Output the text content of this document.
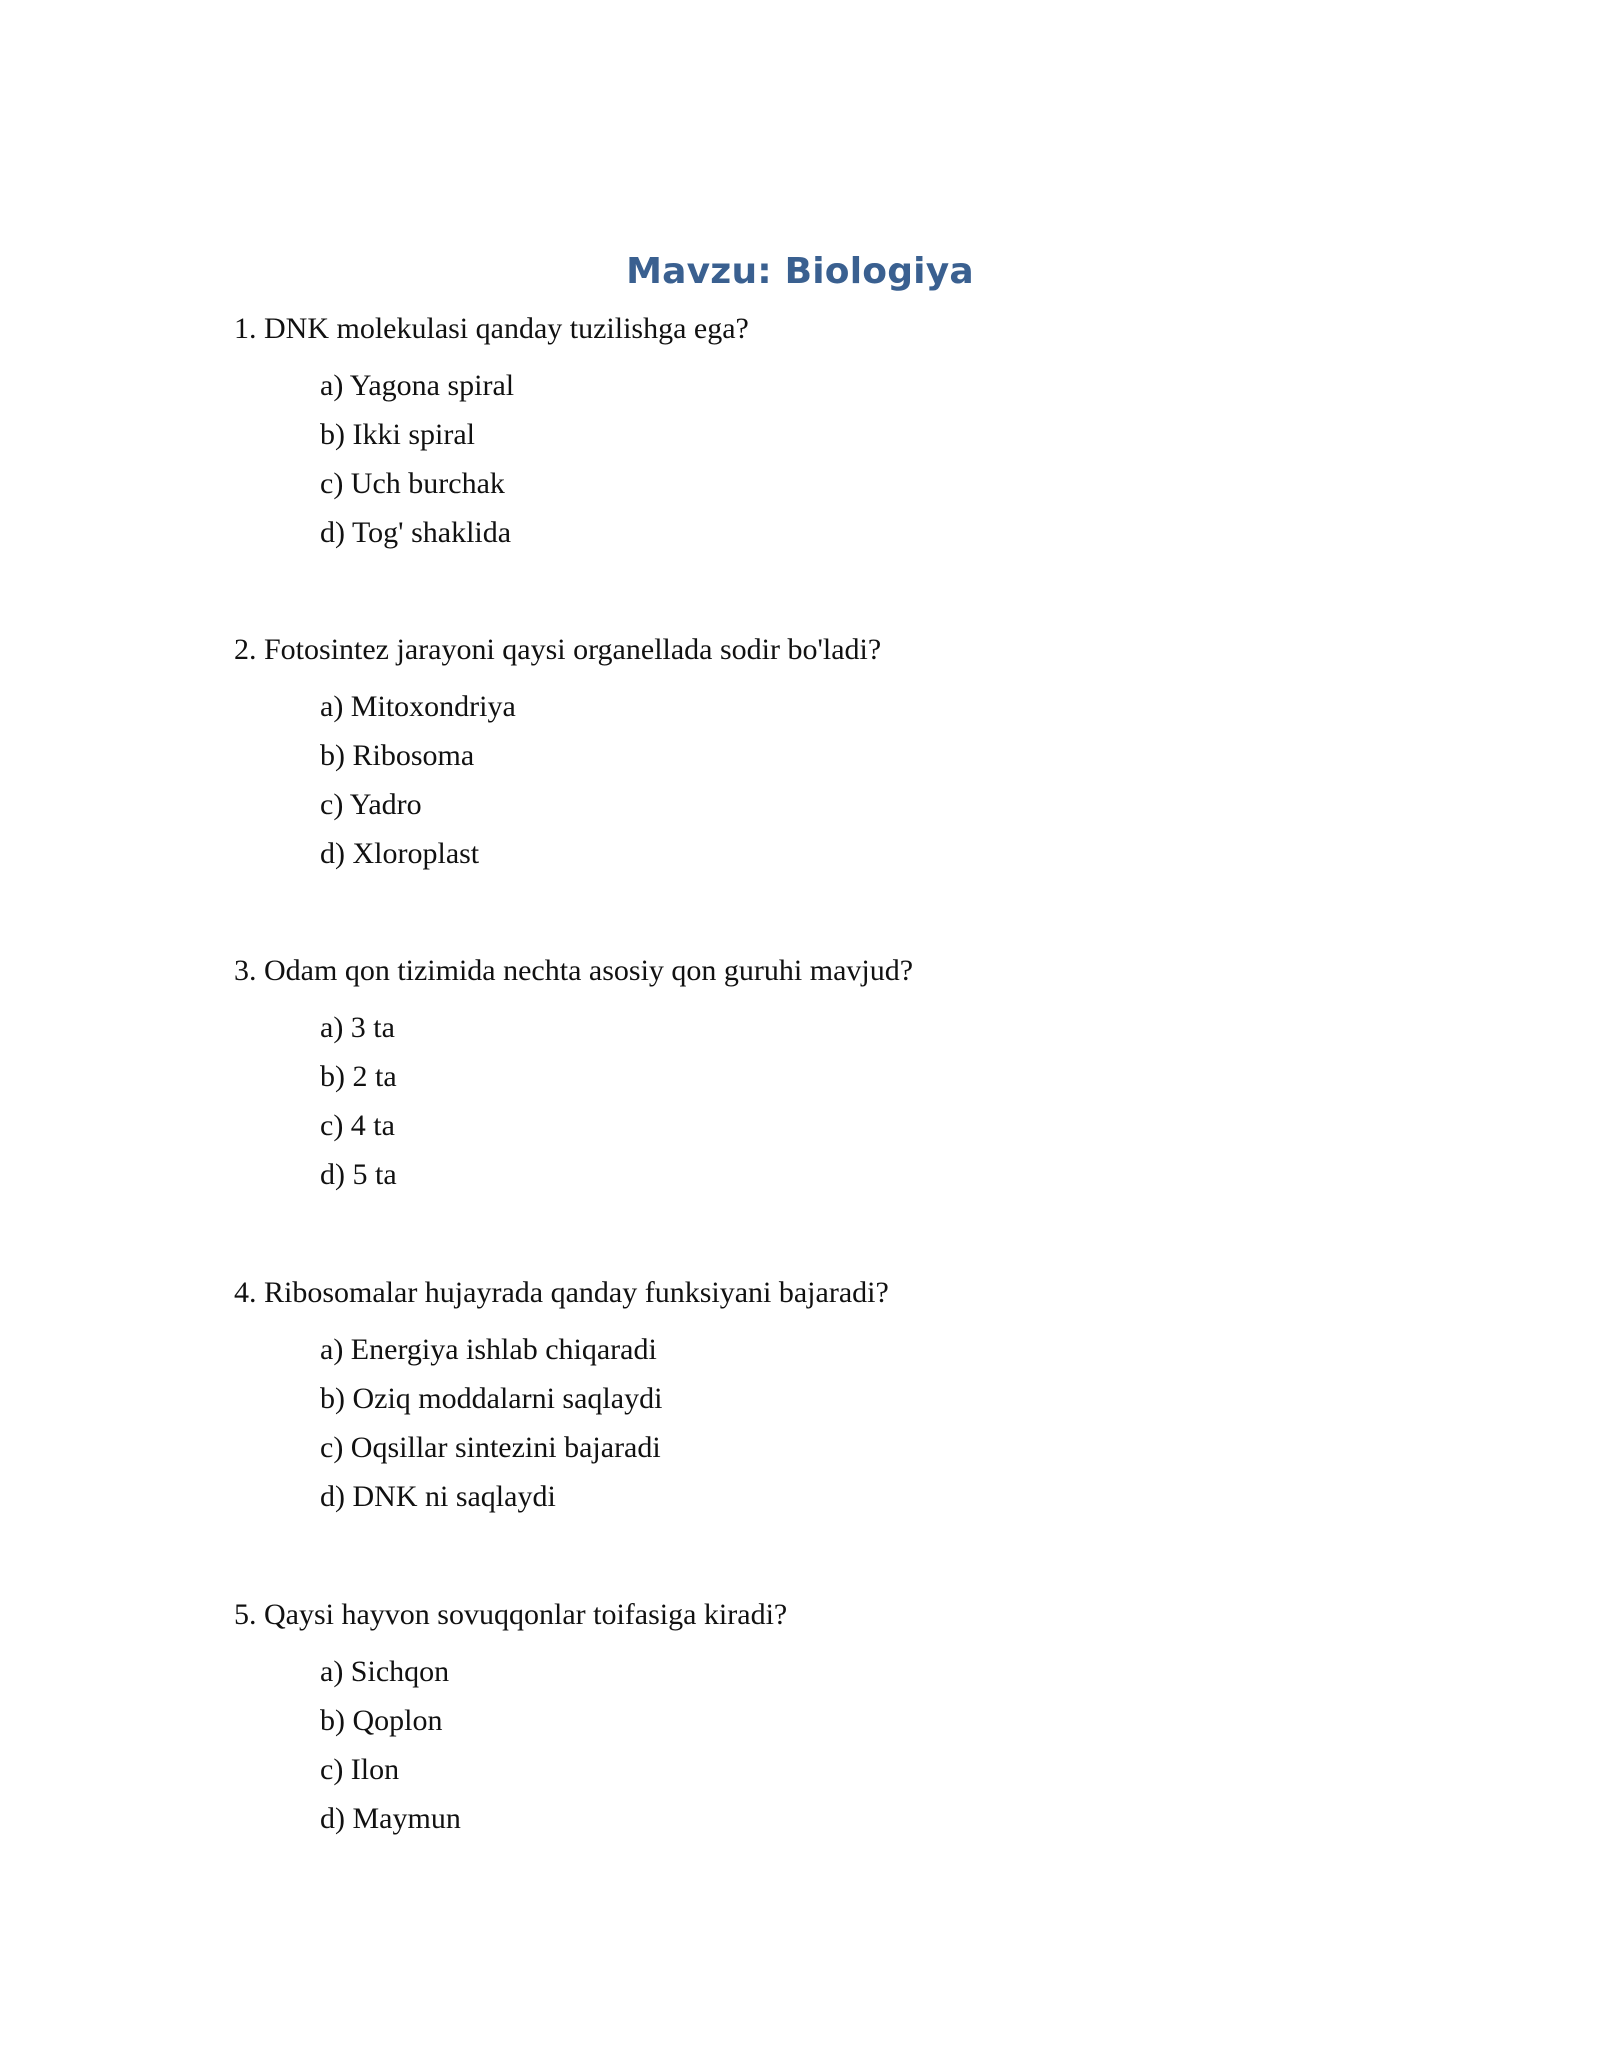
Mavzu: Biologiya

1. DNK molekulasi qanday tuzilishga ega?

a) Yagona spiral
b) Ikki spiral
c) Uch burchak
d) Tog' shaklida

2. Fotosintez jarayoni qaysi organellada sodir bo'ladi?

a) Mitoxondriya
b) Ribosoma
c) Yadro
d) Xloroplast

3. Odam qon tizimida nechta asosiy qon guruhi mavjud?

a) 3 ta
b) 2 ta
c) 4 ta
d) 5 ta

4. Ribosomalar hujayrada qanday funksiyani bajaradi?

a) Energiya ishlab chiqaradi
b) Oziq moddalarni saqlaydi
c) Oqsillar sintezini bajaradi
d) DNK ni saqlaydi

5. Qaysi hayvon sovuqqonlar toifasiga kiradi?

a) Sichqon
b) Qoplon
c) Ilon
d) Maymun
